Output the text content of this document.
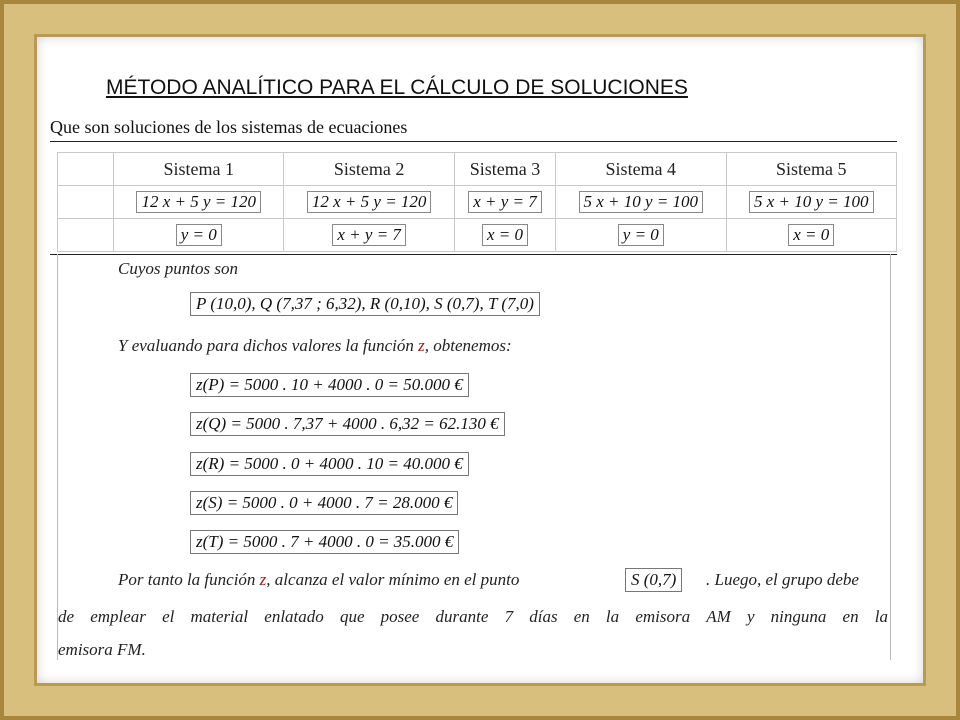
MÉTODO ANALÍTICO PARA EL CÁLCULO DE SOLUCIONES
Que son soluciones de los sistemas de ecuaciones
	Sistema 1	Sistema 2	Sistema 3	Sistema 4	Sistema 5
	12 x + 5 y = 120	12 x + 5 y = 120	x + y = 7	5 x + 10 y = 100	5 x + 10 y = 100
	y = 0	x + y = 7	x = 0	y = 0	x = 0
Cuyos puntos son
P (10,0), Q (7,37 ; 6,32), R (0,10), S (0,7), T (7,0)
Y evaluando para dichos valores la función z, obtenemos:
z(P) = 5000 . 10 + 4000 . 0 = 50.000 €
z(Q) = 5000 . 7,37 + 4000 . 6,32 = 62.130 €
z(R) = 5000 . 0 + 4000 . 10 = 40.000 €
z(S) = 5000 . 0 + 4000 . 7 = 28.000 €
z(T) = 5000 . 7 + 4000 . 0 = 35.000 €
Por tanto la función z, alcanza el valor mínimo en el punto	S (0,7)	. Luego, el grupo debe
de emplear el material enlatado que posee durante 7 días en la emisora AM y ninguna en la
emisora FM.
